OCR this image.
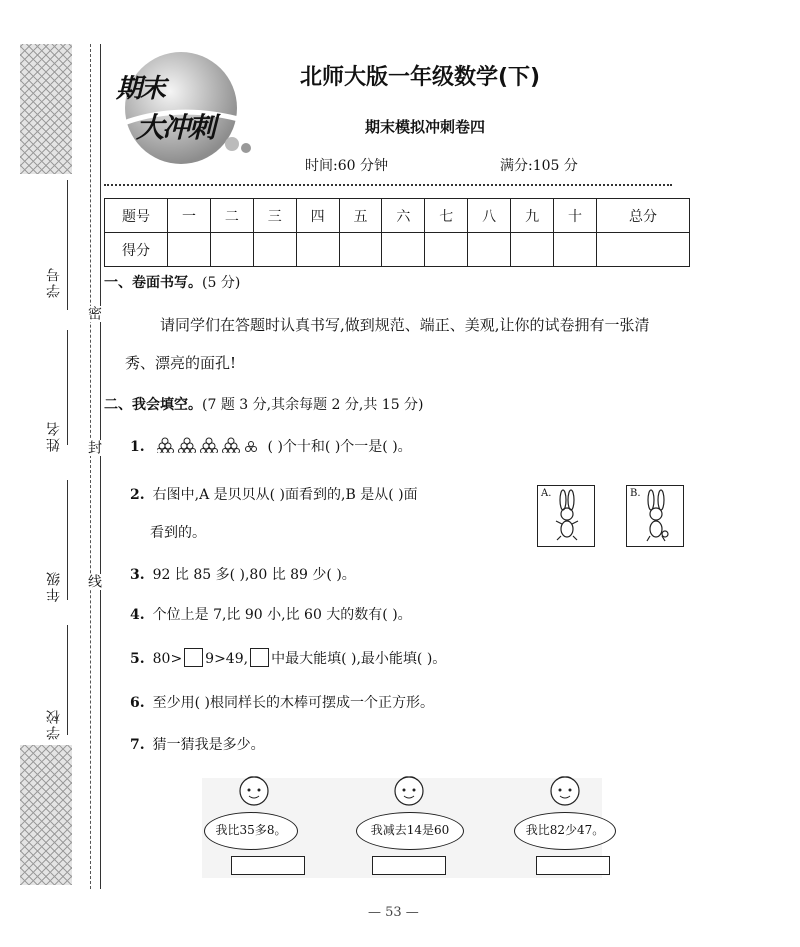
学号
姓名
年级
学校
密
封
线
期末
大冲刺
北师大版一年级数学(下)
期末模拟冲刺卷四
时间:60 分钟	满分:105 分
题号	一	二	三	四	五	六	七	八	九	十	总分
得分											
一、卷面书写。(5 分)
请同学们在答题时认真书写,做到规范、端正、美观,让你的试卷拥有一张清
秀、漂亮的面孔!
二、我会填空。(7 题 3 分,其余每题 2 分,共 15 分)
1.	( )个十和( )个一是( )。
2. 右图中,A 是贝贝从( )面看到的,B 是从( )面
看到的。
A.	B.
3. 92 比 85 多( ),80 比 89 少( )。
4. 个位上是 7,比 90 小,比 60 大的数有( )。
5. 80> 9>49, 中最大能填( ),最小能填( )。
6. 至少用( )根同样长的木棒可摆成一个正方形。
7. 猜一猜我是多少。
我比35多8。	我减去14是60	我比82少47。
— 53 —
